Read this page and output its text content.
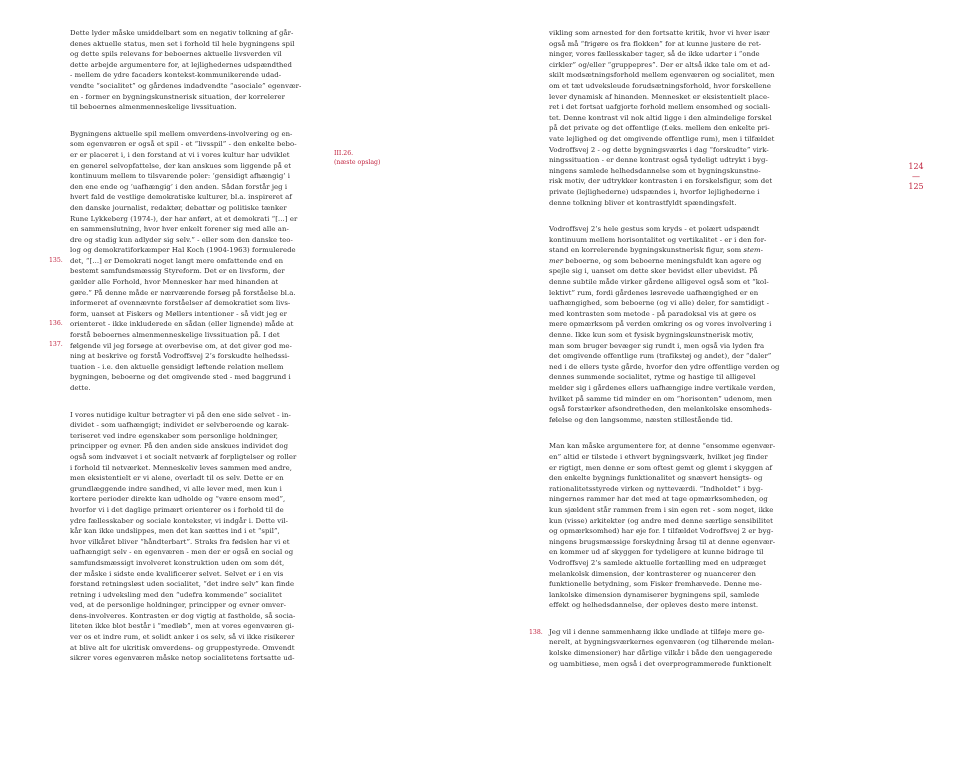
Dette lyder måske umiddelbart som en negativ tolkning af går-
denes aktuelle status, men set i forhold til hele bygningens spil
og dette spils relevans for beboernes aktuelle livsverden vil
dette arbejde argumentere for, at lejlighedernes udspændthed
- mellem de ydre facaders kontekst-kommunikerende udad-
vendte “socialitet” og gårdenes indadvendte “asociale” egenvær-
en - former en bygningskunstnerisk situation, der korrelerer
til beboernes almenmenneskelige livssituation.

Bygningens aktuelle spil mellem omverdens-involvering og en-
som egenværen er også et spil - et “livsspil” - den enkelte bebo-
er er placeret i, i den forstand at vi i vores kultur har udviklet
en generel selvopfattelse, der kan anskues som liggende på et
kontinuum mellem to tilsvarende poler: ‘gensidigt afhængig’ i
den ene ende og ‘uafhængig’ i den anden. Sådan forstår jeg i
hvert fald de vestlige demokratiske kulturer, bl.a. inspireret af
den danske journalist, redaktør, debattør og politiske tænker
Rune Lykkeberg (1974-), der har anført, at et demokrati “[…] er
en sammenslutning, hvor hver enkelt forener sig med alle an-
dre og stadig kun adlyder sig selv.” - eller som den danske teo-
log og demokratiforkæmper Hal Koch (1904-1963) formulerede
det, “[…] er Demokrati noget langt mere omfattende end en
bestemt samfundsmæssig Styreform. Det er en livsform, der
gælder alle Forhold, hvor Mennesker har med hinanden at
gøre.” På denne måde er nærværende forsøg på forståelse bl.a.
informeret af ovennævnte forståelser af demokratiet som livs-
form, uanset at Fiskers og Møllers intentioner - så vidt jeg er
orienteret - ikke inkluderede en sådan (eller lignende) måde at
forstå beboernes almenmenneskelige livssituation på. I det
følgende vil jeg forsøge at overbevise om, at det giver god me-
ning at beskrive og forstå Vodroffsvej 2’s forskudte helhedssi-
tuation - i.e. den aktuelle gensidigt løftende relation mellem
bygningen, beboerne og det omgivende sted - med baggrund i
dette.

I vores nutidige kultur betragter vi på den ene side selvet - in-
dividet - som uafhængigt; individet er selvberoende og karak-
teriseret ved indre egenskaber som personlige holdninger,
principper og evner. På den anden side anskues individet dog
også som indvævet i et socialt netværk af forpligtelser og roller
i forhold til netværket. Menneskeliv leves sammen med andre,
men eksistentielt er vi alene, overladt til os selv. Dette er en
grundlæggende indre sandhed, vi alle lever med, men kun i
kortere perioder direkte kan udholde og “være ensom med”,
hvorfor vi i det daglige primært orienterer os i forhold til de
ydre fællesskaber og sociale kontekster, vi indgår i. Dette vil-
kår kan ikke undslippes, men det kan sættes ind i et “spil”,
hvor vilkåret bliver “håndterbart”. Straks fra fødslen har vi et
uafhængigt selv - en egenværen - men der er også en social og
samfundsmæssigt involveret konstruktion uden om som dét,
der måske i sidste ende kvalificerer selvet. Selvet er i en vis
forstand retningsløst uden socialitet, “det indre selv” kan finde
retning i udveksling med den “udefra kommende” socialitet
ved, at de personlige holdninger, principper og evner omver-
dens-involveres. Kontrasten er dog vigtig at fastholde, så socia-
liteten ikke blot består i “medløb”, men at vores egenværen gi-
ver os et indre rum, et solidt anker i os selv, så vi ikke risikerer
at blive alt for ukritisk omverdens- og gruppestyrede. Omvendt
sikrer vores egenværen måske netop socialitetens fortsatte ud-

III.26.
(næste opslag)
135.
136.
137.
138.

vikling som arnested for den fortsatte kritik, hvor vi hver især
også må “frigøre os fra flokken” for at kunne justere de ret-
ninger, vores fællesskaber tager, så de ikke udarter i “onde
cirkler” og/eller “gruppepres”. Der er altså ikke tale om et ad-
skilt modsætningsforhold mellem egenværen og socialitet, men
om et tæt udveksleude forudsætningsforhold, hvor forskellene
lever dynamisk af hinanden. Mennesket er eksistentielt place-
ret i det fortsat uafgjorte forhold mellem ensomhed og sociali-
tet. Denne kontrast vil nok altid ligge i den almindelige forskel
på det private og det offentlige (f.eks. mellem den enkelte pri-
vate lejlighed og det omgivende offentlige rum), men i tilfældet
Vodroffsvej 2 - og dette bygningsværks i dag “forskudte” virk-
ningssituation - er denne kontrast også tydeligt udtrykt i byg-
ningens samlede helhedsdannelse som et bygningskunstne-
risk motiv, der udtrykker kontrasten i en forskelsfigur, som det
private (lejlighederne) udspændes i, hvorfor lejlighederne i
denne tolkning bliver et kontrastfyldt spændingsfelt.

Vodroffsvej 2’s hele gestus som kryds - et polært udspændt
kontinuum mellem horisontalitet og vertikalitet - er i den for-
stand en korrelerende bygningskunstnerisk figur, som stem-
mer beboerne, og som beboerne meningsfuldt kan agere og
spejle sig i, uanset om dette sker bevidst eller ubevidst. På
denne subtile måde virker gårdene alligevel også som et “kol-
lektivt” rum, fordi gårdenes løsrevede uafhængighed er en
uafhængighed, som beboerne (og vi alle) deler, for samtidigt -
med kontrasten som metode - på paradoksal vis at gøre os
mere opmærksom på verden omkring os og vores involvering i
denne. Ikke kun som et fysisk bygningskunstnerisk motiv,
man som bruger bevæger sig rundt i, men også via lyden fra
det omgivende offentlige rum (trafikstøj og andet), der “daler”
ned i de ellers tyste gårde, hvorfor den ydre offentlige verden og
dennes summende socialitet, rytme og hastige til alligevel
melder sig i gårdenes ellers uafhængige indre vertikale verden,
hvilket på samme tid minder en om “horisonten” udenom, men
også forstærker afsondretheden, den melankolske ensomheds-
følelse og den langsomme, næsten stillestående tid.

Man kan måske argumentere for, at denne “ensomme egenvær-
en” altid er tilstede i ethvert bygningsværk, hvilket jeg finder
er rigtigt, men denne er som oftest gemt og glemt i skyggen af
den enkelte bygnings funktionalitet og snævert hensigts- og
rationalitetsstyrede virken og nytteværdi. “Indholdet” i byg-
ningernes rammer har det med at tage opmærksomheden, og
kun sjældent står rammen frem i sin egen ret - som noget, ikke
kun (visse) arkitekter (og andre med denne særlige sensibilitet
og opmærksomhed) har øje for. I tilfældet Vodroffsvej 2 er byg-
ningens brugsmæssige forskydning årsag til at denne egenvær-
en kommer ud af skyggen for tydeligere at kunne bidrage til
Vodroffsvej 2’s samlede aktuelle fortælling med en udpræget
melankolsk dimension, der kontrasterer og nuancerer den
funktionelle betydning, som Fisker fremhævede. Denne me-
lankolske dimension dynamiserer bygningens spil, samlede
effekt og helhedsdannelse, der opleves desto mere intenst.

Jeg vil i denne sammenhæng ikke undlade at tilføje mere ge-
nerelt, at bygningsværkernes egenværen (og tilhørende melan-
kolske dimensioner) har dårlige vilkår i både den uengagerede
og uambitiøse, men også i det overprogrammerede funktionelt

124
—
125
